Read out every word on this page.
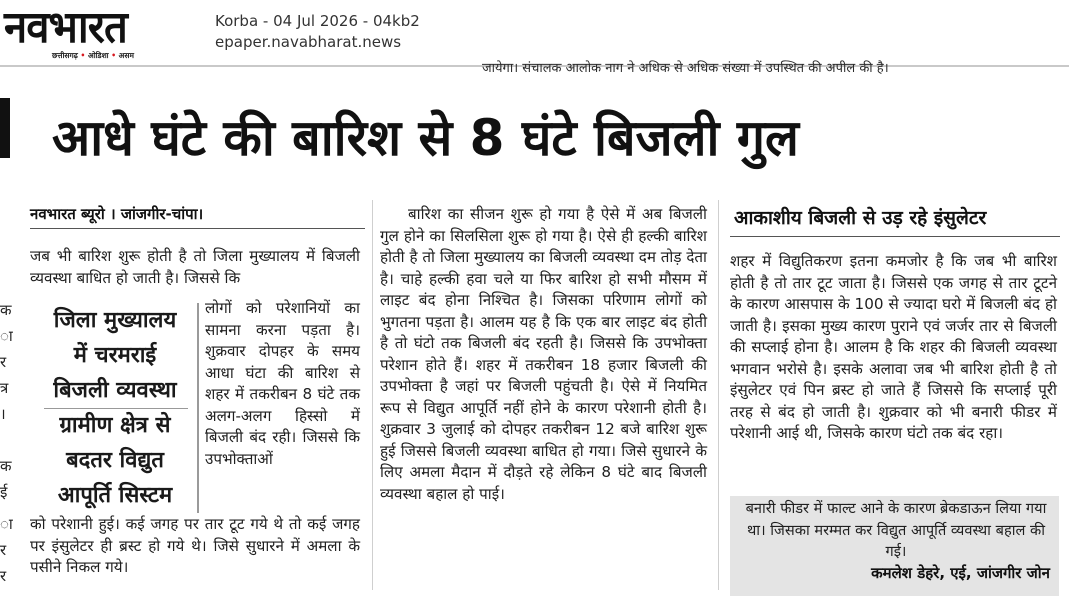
नवभारत
छत्तीसगढ़ • ओडिशा • असम
Korba - 04 Jul 2026 - 04kb2
epaper.navabharat.news
जायेगा। संचालक आलोक नाग ने अधिक से अधिक संख्या में उपस्थित की अपील की है।
आधे घंटे की बारिश से 8 घंटे बिजली गुल
क
ा
र
त्र
।
क
ई
ा
र
र
नवभारत ब्यूरो । जांजगीर-चांपा।

जब भी बारिश शुरू होती है तो जिला मुख्यालय में बिजली व्यवस्था बाधित हो जाती है। जिससे कि

जिला मुख्यालय
में चरमराई
बिजली व्यवस्था
ग्रामीण क्षेत्र से
बदतर विद्युत
आपूर्ति सिस्टम

लोगों को परेशानियों का सामना करना पड़ता है। शुक्रवार दोपहर के समय आधा घंटा की बारिश से शहर में तकरीबन 8 घंटे तक अलग-अलग हिस्सो में बिजली बंद रही। जिससे कि उपभोक्ताओं

को परेशानी हुई। कई जगह पर तार टूट गये थे तो कई जगह पर इंसुलेटर ही ब्रस्ट हो गये थे। जिसे सुधारने में अमला के पसीने निकल गये।

बारिश का सीजन शुरू हो गया है ऐसे में अब बिजली गुल होने का सिलसिला शुरू हो गया है। ऐसे ही हल्की बारिश होती है तो जिला मुख्यालय का बिजली व्यवस्था दम तोड़ देता है। चाहे हल्की हवा चले या फिर बारिश हो सभी मौसम में लाइट बंद होना निश्चित है। जिसका परिणाम लोगों को भुगतना पड़ता है। आलम यह है कि एक बार लाइट बंद होती है तो घंटो तक बिजली बंद रहती है। जिससे कि उपभोक्ता परेशान होते हैं। शहर में तकरीबन 18 हजार बिजली की उपभोक्ता है जहां पर बिजली पहुंचती है। ऐसे में नियमित रूप से विद्युत आपूर्ति नहीं होने के कारण परेशानी होती है। शुक्रवार 3 जुलाई को दोपहर तकरीबन 12 बजे बारिश शुरू हुई जिससे बिजली व्यवस्था बाधित हो गया। जिसे सुधारने के लिए अमला मैदान में दौड़ते रहे लेकिन 8 घंटे बाद बिजली व्यवस्था बहाल हो पाई।

आकाशीय बिजली से उड़ रहे इंसुलेटर

शहर में विद्युतिकरण इतना कमजोर है कि जब भी बारिश होती है तो तार टूट जाता है। जिससे एक जगह से तार टूटने के कारण आसपास के 100 से ज्यादा घरो में बिजली बंद हो जाती है। इसका मुख्य कारण पुराने एवं जर्जर तार से बिजली की सप्लाई होना है। आलम है कि शहर की बिजली व्यवस्था भगवान भरोसे है। इसके अलावा जब भी बारिश होती है तो इंसुलेटर एवं पिन ब्रस्ट हो जाते हैं जिससे कि सप्लाई पूरी तरह से बंद हो जाती है। शुक्रवार को भी बनारी फीडर में परेशानी आई थी, जिसके कारण घंटो तक बंद रहा।

बनारी फीडर में फाल्ट आने के कारण ब्रेकडाऊन लिया गया था। जिसका मरम्मत कर विद्युत आपूर्ति व्यवस्था बहाल की गई।
कमलेश डेहरे, एई, जांजगीर जोन
